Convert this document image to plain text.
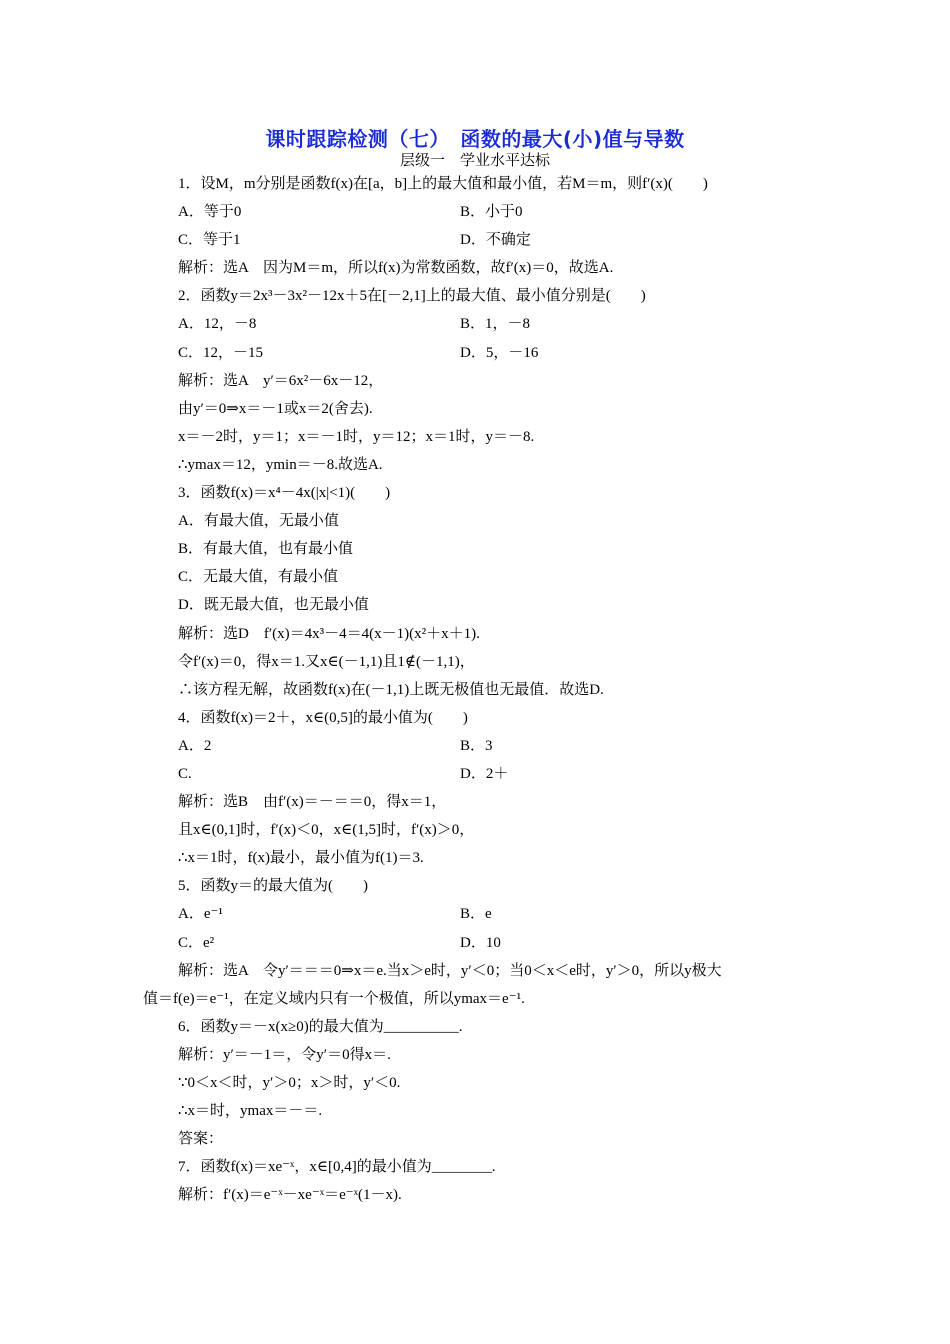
课时跟踪检测（七）　函数的最大(小)值与导数
层级一　学业水平达标
1．设M，m分别是函数f(x)在[a，b]上的最大值和最小值，若M＝m，则f′(x)(　　)
A．等于0	B．小于0
C．等于1	D．不确定
解析：选A　因为M＝m，所以f(x)为常数函数，故f′(x)＝0，故选A.
2．函数y＝2x³－3x²－12x＋5在[－2,1]上的最大值、最小值分别是(　　)
A．12，－8	B．1，－8
C．12，－15	D．5，－16
解析：选A　y′＝6x²－6x－12，
由y′＝0⇒x＝－1或x＝2(舍去).
x＝－2时，y＝1；x＝－1时，y＝12；x＝1时，y＝－8.
∴ymax＝12，ymin＝－8.故选A.
3．函数f(x)＝x⁴－4x(|x|<1)(　　)
A．有最大值，无最小值
B．有最大值，也有最小值
C．无最大值，有最小值
D．既无最大值，也无最小值
解析：选D　f′(x)＝4x³－4＝4(x－1)(x²＋x＋1).
令f′(x)＝0，得x＝1.又x∈(－1,1)且1∉(－1,1)，
∴该方程无解，故函数f(x)在(－1,1)上既无极值也无最值．故选D.
4．函数f(x)＝2＋，x∈(0,5]的最小值为(　　)
A．2	B．3
C.	D．2＋
解析：选B　由f′(x)＝－＝＝0，得x＝1，
且x∈(0,1]时，f′(x)＜0，x∈(1,5]时，f′(x)＞0，
∴x＝1时，f(x)最小，最小值为f(1)＝3.
5．函数y＝的最大值为(　　)
A．e⁻¹	B．e
C．e²	D．10
解析：选A　令y′＝＝＝0⇒x＝e.当x＞e时，y′＜0；当0＜x＜e时，y′＞0，所以y极大
值＝f(e)＝e⁻¹，在定义域内只有一个极值，所以ymax＝e⁻¹.
6．函数y＝－x(x≥0)的最大值为__________.
解析：y′＝－1＝，令y′＝0得x＝.
∵0＜x＜时，y′＞0；x＞时，y′＜0.
∴x＝时，ymax＝－＝.
答案：
7．函数f(x)＝xe⁻ˣ，x∈[0,4]的最小值为________.
解析：f′(x)＝e⁻ˣ－xe⁻ˣ＝e⁻ˣ(1－x).
